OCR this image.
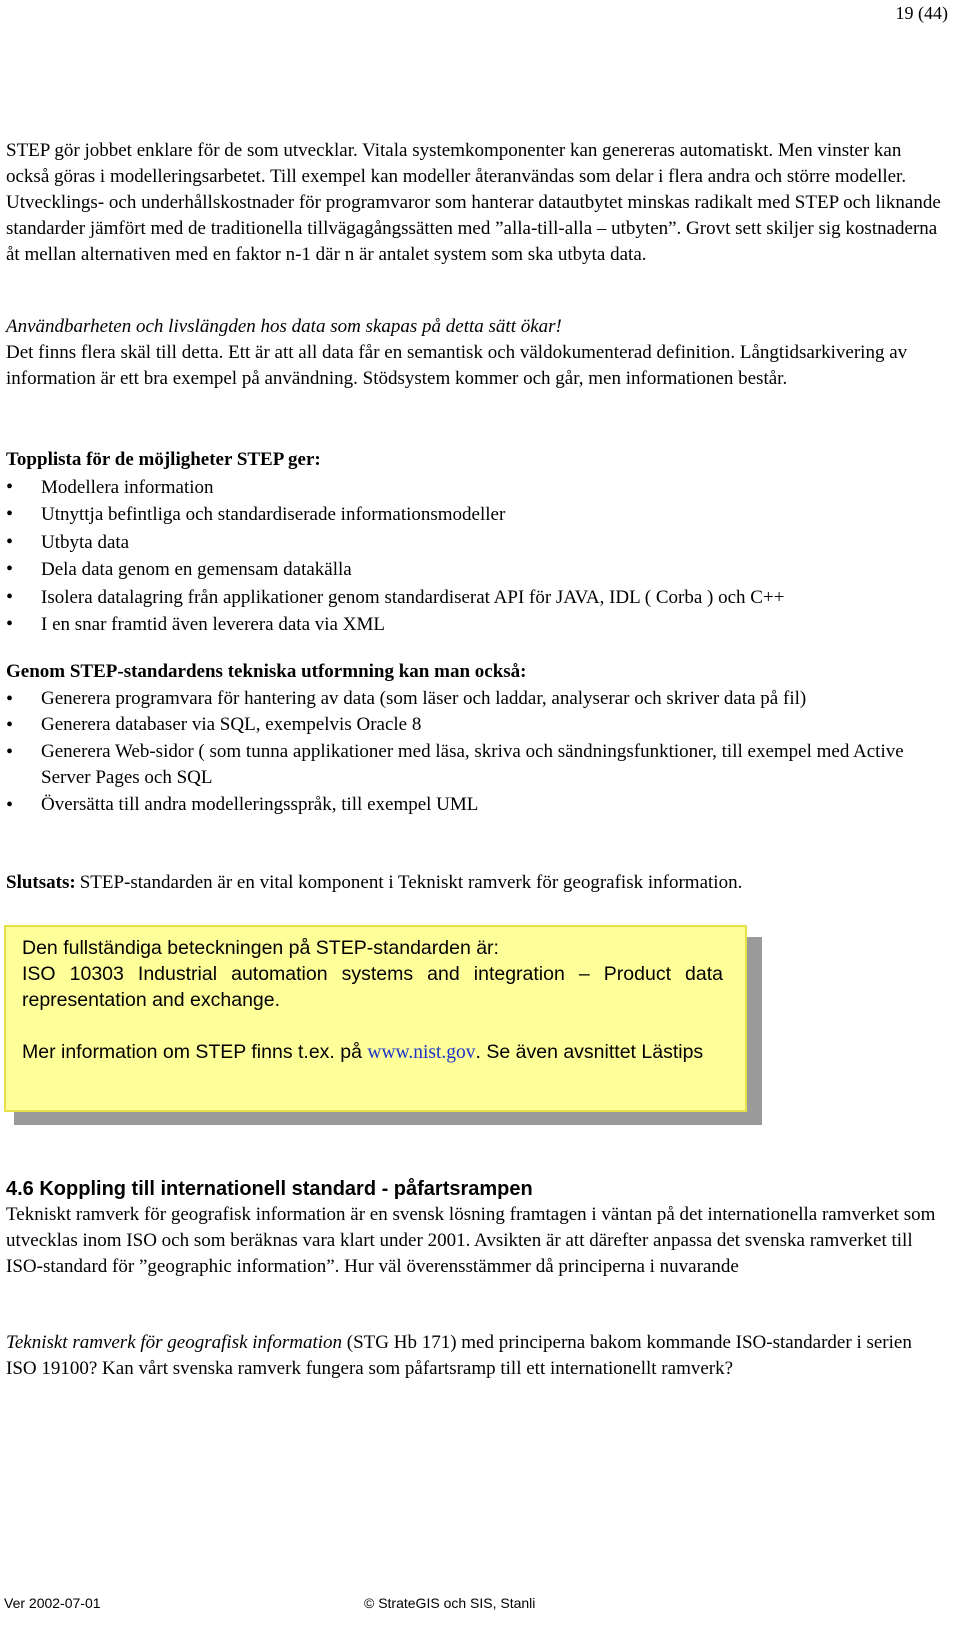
19 (44)

STEP gör jobbet enklare för de som utvecklar. Vitala systemkomponenter kan genereras automatiskt. Men vinster kan också göras i modelleringsarbetet. Till exempel kan modeller återanvändas som delar i flera andra och större modeller. Utvecklings- och underhållskostnader för programvaror som hanterar datautbytet minskas radikalt med STEP och liknande standarder jämfört med de traditionella tillvägagångssätten med ”alla-till-alla – utbyten”. Grovt sett skiljer sig kostnaderna åt mellan alternativen med en faktor n-1 där n är antalet system som ska utbyta data.

Användbarheten och livslängden hos data som skapas på detta sätt ökar!

Det finns flera skäl till detta. Ett är att all data får en semantisk och väldokumenterad definition. Långtidsarkivering av information är ett bra exempel på användning. Stödsystem kommer och går, men informationen består.

Topplista för de möjligheter STEP ger:
• Modellera information
• Utnyttja befintliga och standardiserade informationsmodeller
• Utbyta data
• Dela data genom en gemensam datakälla
• Isolera datalagring från applikationer genom standardiserat API för JAVA, IDL ( Corba ) och C++
• I en snar framtid även leverera data via XML
Genom STEP-standardens tekniska utformning kan man också:
• Generera programvara för hantering av data (som läser och laddar, analyserar och skriver data på fil)
• Generera databaser via SQL, exempelvis Oracle 8
• Generera Web-sidor ( som tunna applikationer med läsa, skriva och sändningsfunktioner, till exempel med Active Server Pages och SQL
• Översätta till andra modelleringsspråk, till exempel UML

Slutsats: STEP-standarden är en vital komponent i Tekniskt ramverk för geografisk information.

Den fullständiga beteckningen på STEP-standarden är:
ISO 10303 Industrial automation systems and integration – Product data representation and exchange.
Mer information om STEP finns t.ex. på www.nist.gov. Se även avsnittet Lästips
4.6 Koppling till internationell standard - påfartsrampen

Tekniskt ramverk för geografisk information är en svensk lösning framtagen i väntan på det internationella ramverket som utvecklas inom ISO och som beräknas vara klart under 2001. Avsikten är att därefter anpassa det svenska ramverket till ISO-standard för ”geographic information”. Hur väl överensstämmer då principerna i nuvarande

Tekniskt ramverk för geografisk information (STG Hb 171) med principerna bakom kommande ISO-standarder i serien ISO 19100? Kan vårt svenska ramverk fungera som påfartsramp till ett internationellt ramverk?

Ver 2002-07-01	© StrateGIS och SIS, Stanli
